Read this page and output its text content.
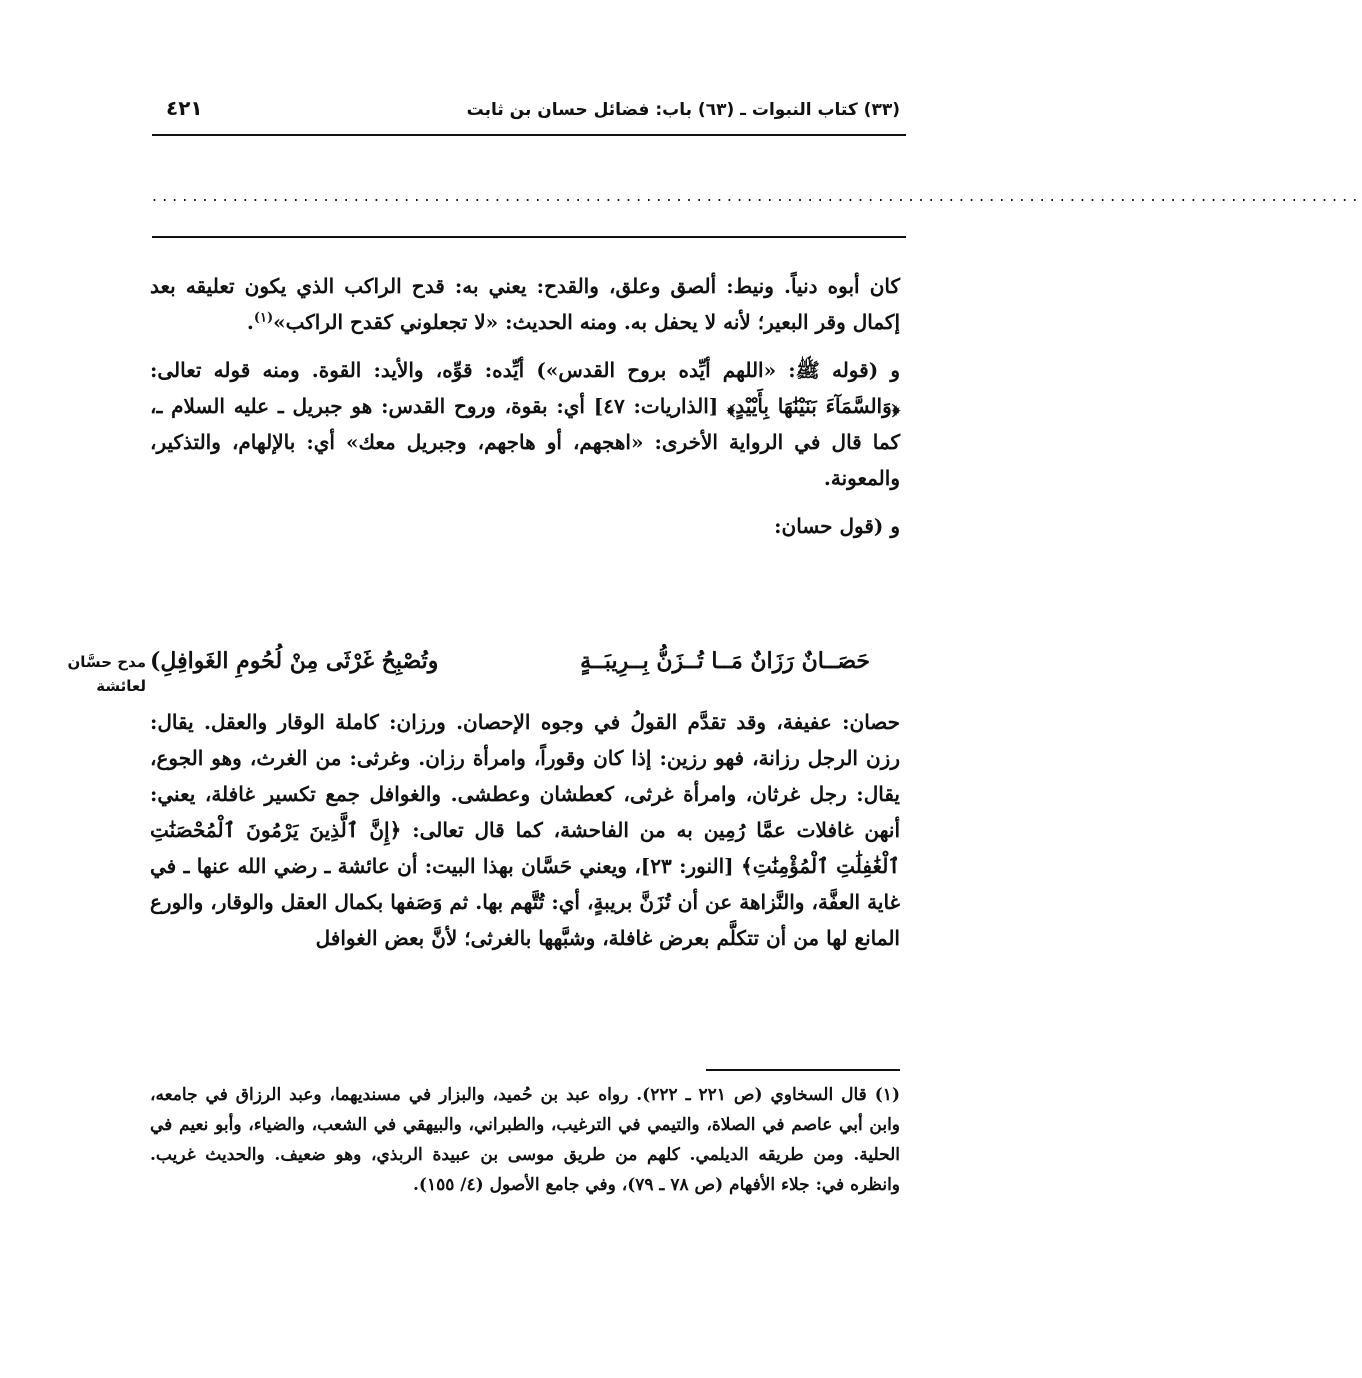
(٣٣) كتاب النبوات ـ (٦٣) باب: فضائل حسان بن ثابت
٤٢١
........................................................................................................................

كان أبوه دنياً. ونيط: ألصق وعلق، والقدح: يعني به: قدح الراكب الذي يكون تعليقه بعد إكمال وقر البعير؛ لأنه لا يحفل به. ومنه الحديث: «لا تجعلوني كقدح الراكب»$^{(١)}$.

و (قوله ﷺ: «اللهم أيِّده بروح القدس») أيِّده: قوِّه، والأيد: القوة. ومنه قوله تعالى: ﴿وَالسَّمَآءَ بَنَيْنَٰهَا بِأَيْيْدٍ﴾ [الذاريات: ٤٧] أي: بقوة، وروح القدس: هو جبريل ـ عليه السلام ـ، كما قال في الرواية الأخرى: «اهجهم، أو هاجهم، وجبريل معك» أي: بالإلهام، والتذكير، والمعونة.

و (قول حسان:

مدح حسَّان
لعائشة
حَصَــانٌ رَزَانٌ مَــا تُــزَنُّ بِــرِيبَــةٍ
وتُصْبِحُ غَرْثَى مِنْ لُحُومِ الغَوافِلِ)
حصان: عفيفة، وقد تقدَّم القولُ في وجوه الإحصان. ورزان: كاملة الوقار والعقل. يقال: رزن الرجل رزانة، فهو رزين: إذا كان وقوراً، وامرأة رزان. وغرثى: من الغرث، وهو الجوع، يقال: رجل غرثان، وامرأة غرثى، كعطشان وعطشى. والغوافل جمع تكسير غافلة، يعني: أنهن غافلات عمَّا رُمِين به من الفاحشة، كما قال تعالى: ﴿إِنَّ ٱلَّذِينَ يَرْمُونَ ٱلْمُحْصَنَٰتِ ٱلْغَٰفِلَٰتِ ٱلْمُؤْمِنَٰتِ﴾ [النور: ٢٣]، ويعني حَسَّان بهذا البيت: أن عائشة ـ رضي الله عنها ـ في غاية العفَّة، والنَّزاهة عن أن تُزَنَّ بريبةٍ، أي: تُتَّهم بها. ثم وَصَفها بكمال العقل والوقار، والورع المانع لها من أن تتكلَّم بعرض غافلة، وشبَّهها بالغرثى؛ لأنَّ بعض الغوافل
(١) قال السخاوي (ص ٢٢١ ـ ٢٢٢). رواه عبد بن حُميد، والبزار في مسنديهما، وعبد الرزاق في جامعه، وابن أبي عاصم في الصلاة، والتيمي في الترغيب، والطبراني، والبيهقي في الشعب، والضياء، وأبو نعيم في الحلية. ومن طريقه الديلمي. كلهم من طريق موسى بن عبيدة الربذي، وهو ضعيف. والحديث غريب. وانظره في: جلاء الأفهام (ص ٧٨ ـ ٧٩)، وفي جامع الأصول (٤/ ١٥٥).
